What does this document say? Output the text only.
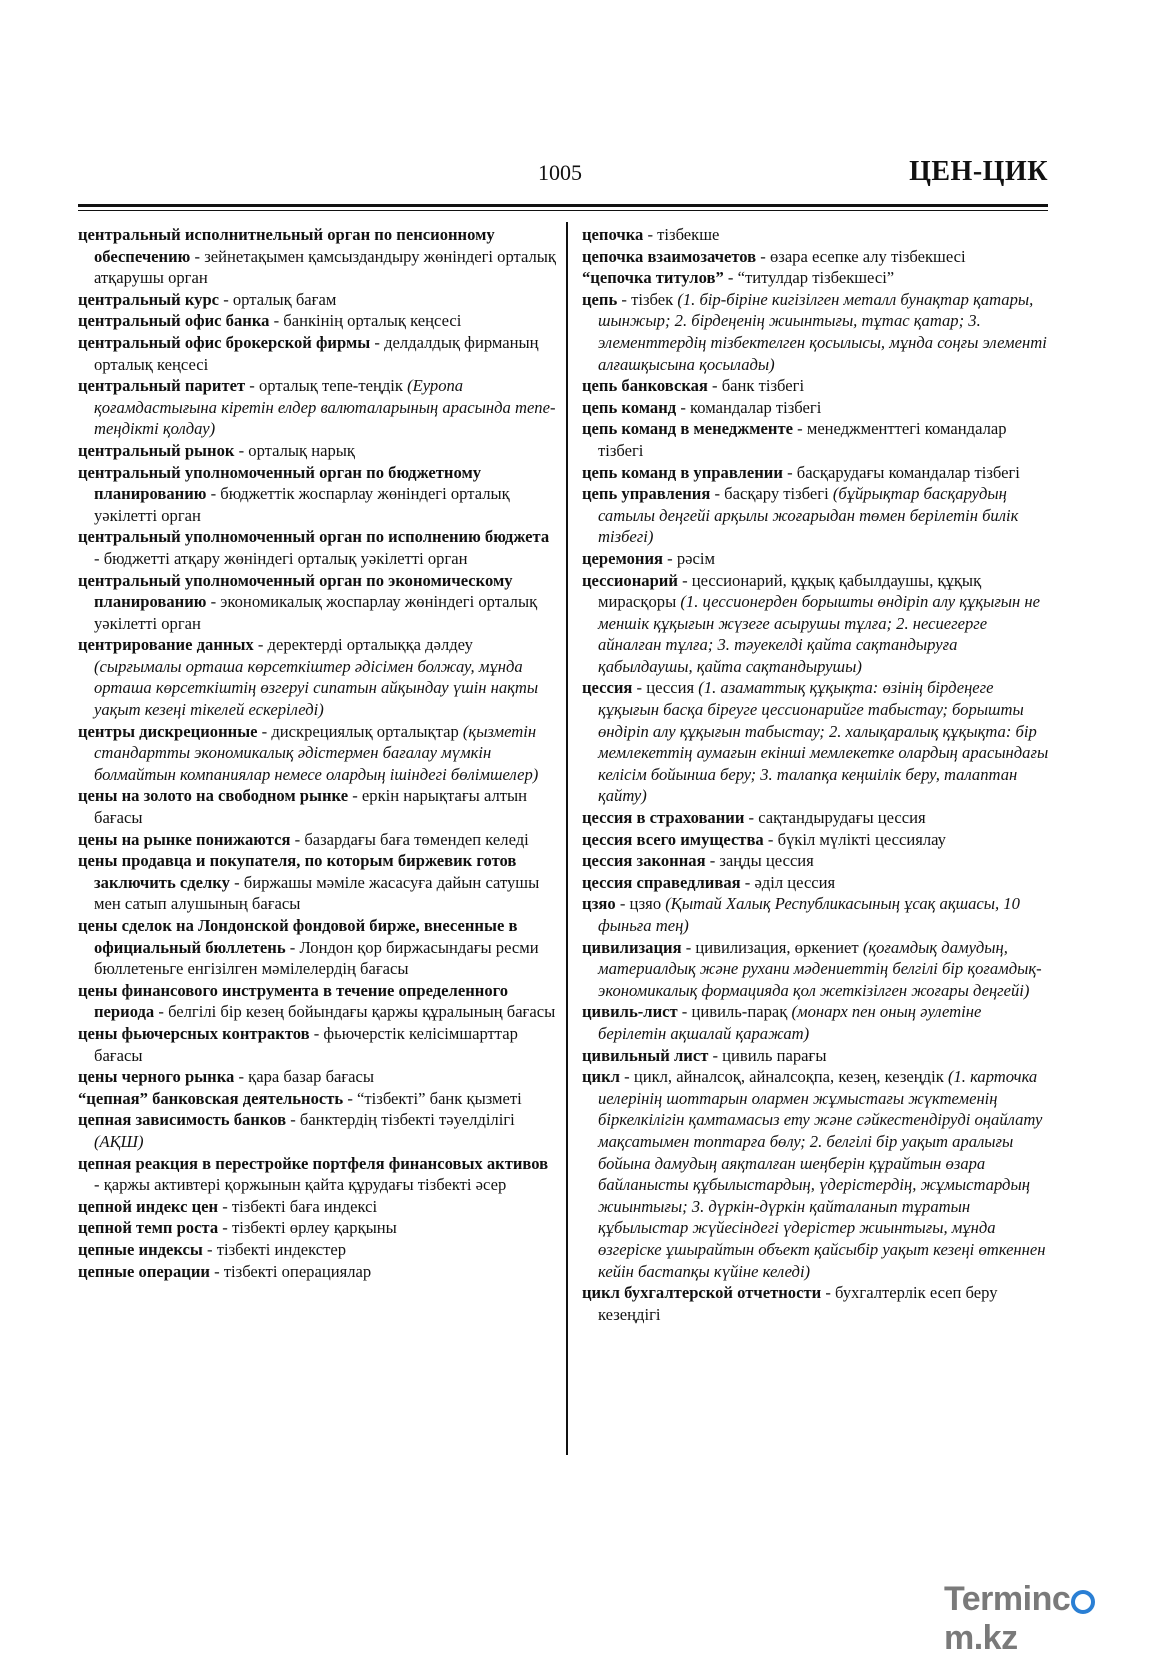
1005	ЦЕН-ЦИК

центральный исполнитнельный орган по пенсионному обеспечению - зейнетақымен қамсыздандыру жөніндегі орталық атқарушы орган

центральный курс - орталық бағам

центральный офис банка - банкінің орталық кеңсесі

центральный офис брокерской фирмы - делдалдық фирманың орталық кеңсесі

центральный паритет - орталық тепе-теңдік (Еуропа қоғамдастығына кіретін елдер валюталарының арасында тепе-теңдікті қолдау)

центральный рынок - орталық нарық

центральный уполномоченный орган по бюджетному планированию - бюджеттік жоспарлау жөніндегі орталық уәкілетті орган

центральный уполномоченный орган по исполнению бюджета - бюджетті атқару жөніндегі орталық уәкілетті орган

центральный уполномоченный орган по экономическому планированию - экономикалық жоспарлау жөніндегі орталық уәкілетті орган

центрирование данных - деректерді орталыққа дәлдеу (сырғымалы орташа көрсеткіштер әдісімен болжау, мұнда орташа көрсеткіштің өзгеруі сипатын айқындау үшін нақты уақыт кезеңі тікелей ескеріледі)

центры дискреционные - дискрециялық орталықтар (қызметін стандартты экономикалық әдістермен бағалау мүмкін болмайтын компаниялар немесе олардың ішіндегі бөлімшелер)

цены на золото на свободном рынке - еркін нарықтағы алтын бағасы

цены на рынке понижаются - базардағы баға төмендеп келеді

цены продавца и покупателя, по которым биржевик готов заключить сделку - биржашы мәміле жасасуға дайын сатушы мен сатып алушының бағасы

цены сделок на Лондонской фондовой бирже, внесенные в официальный бюллетень - Лондон қор биржасындағы ресми бюллетеньге енгізілген мәмілелердің бағасы

цены финансового инструмента в течение определенного периода - белгілі бір кезең бойындағы қаржы құралының бағасы

цены фьючерсных контрактов - фьючерстік келісімшарттар бағасы

цены черного рынка - қара базар бағасы

“цепная” банковская деятельность - “тізбекті” банк қызметі

цепная зависимость банков - банктердің тізбекті тәуелділігі (АҚШ)

цепная реакция в перестройке портфеля финансовых активов - қаржы активтері қоржынын қайта құрудағы тізбекті әсер

цепной индекс цен - тізбекті баға индексі

цепной темп роста - тізбекті өрлеу қарқыны

цепные индексы - тізбекті индекстер

цепные операции - тізбекті операциялар

цепочка - тізбекше

цепочка взаимозачетов - өзара есепке алу тізбекшесі

“цепочка титулов” - “титулдар тізбекшесі”

цепь - тізбек (1. бір-біріне кигізілген металл бунақтар қатары, шынжыр; 2. бірдеңенің жиынтығы, тұтас қатар; 3. элементтердің тізбектелген қосылысы, мұнда соңғы элементі алғашқысына қосылады)

цепь банковская - банк тізбегі

цепь команд - командалар тізбегі

цепь команд в менеджменте - менеджменттегі командалар тізбегі

цепь команд в управлении - басқарудағы командалар тізбегі

цепь управления - басқару тізбегі (бұйрықтар басқарудың сатылы деңгейі арқылы жоғарыдан төмен берілетін билік тізбегі)

церемония - рәсім

цессионарий - цессионарий, құқық қабылдаушы, құқық мирасқоры (1. цессионерден борышты өндіріп алу құқығын не меншік құқығын жүзеге асырушы тұлға; 2. несиегерге айналған тұлға; 3. тәуекелді қайта сақтандыруға қабылдаушы, қайта сақтандырушы)

цессия - цессия (1. азаматтық құқықта: өзінің бірдеңеге құқығын басқа біреуге цессионарийге табыстау; борышты өндіріп алу құқығын табыстау; 2. халықаралық құқықта: бір мемлекеттің аумағын екінші мемлекетке олардың арасындағы келісім бойынша беру; 3. талапқа кеңшілік беру, талаптан қайту)

цессия в страховании - сақтандырудағы цессия

цессия всего имущества - бүкіл мүлікті цессиялау

цессия законная - заңды цессия

цессия справедливая - әділ цессия

цзяо - цзяо (Қытай Халық Республикасының ұсақ ақшасы, 10 фыньға тең)

цивилизация - цивилизация, өркениет (қоғамдық дамудың, материалдық және рухани мәдениеттің белгілі бір қоғамдық-экономикалық формацияда қол жеткізілген жоғары деңгейі)

цивиль-лист - цивиль-парақ (монарх пен оның әулетіне берілетін ақшалай қаражат)

цивильный лист - цивиль парағы

цикл - цикл, айналсоқ, айналсоқпа, кезең, кезеңдік (1. карточка иелерінің шоттарын олармен жұмыстағы жүктеменің біркелкілігін қамтамасыз ету және сәйкестендіруді оңайлату мақсатымен топтарға бөлу; 2. белгілі бір уақыт аралығы бойына дамудың аяқталған шеңберін құрайтын өзара байланысты құбылыстардың, үдерістердің, жұмыстардың жиынтығы; 3. дүркін-дүркін қайталанып тұратын құбылыстар жүйесіндегі үдерістер жиынтығы, мұнда өзгеріске ұшырайтын объект қайсыбір уақыт кезеңі өткеннен кейін бастапқы күйіне келеді)

цикл бухгалтерской отчетности - бухгалтерлік есеп беру кезеңдігі

Termincm.kz
